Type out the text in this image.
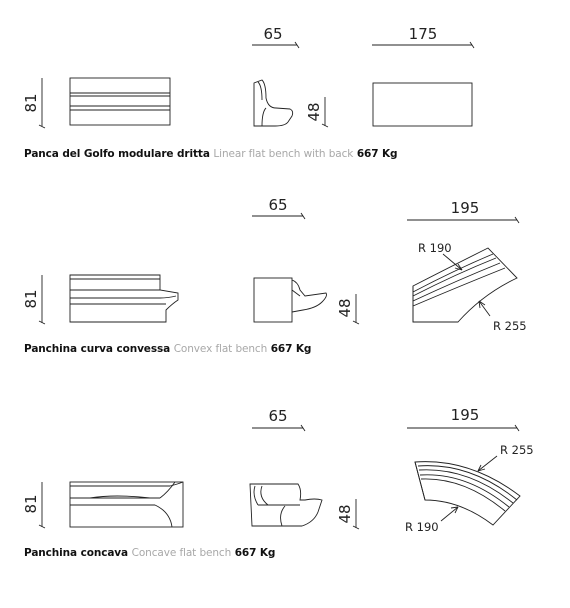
81
65
48
175
81
65
48
195
R 190
R 255
81
65
48
195
R 255
R 190
Panca del Golfo modulare dritta Linear flat bench with back 667 Kg
Panchina curva convessa Convex flat bench 667 Kg
Panchina concava Concave flat bench 667 Kg
